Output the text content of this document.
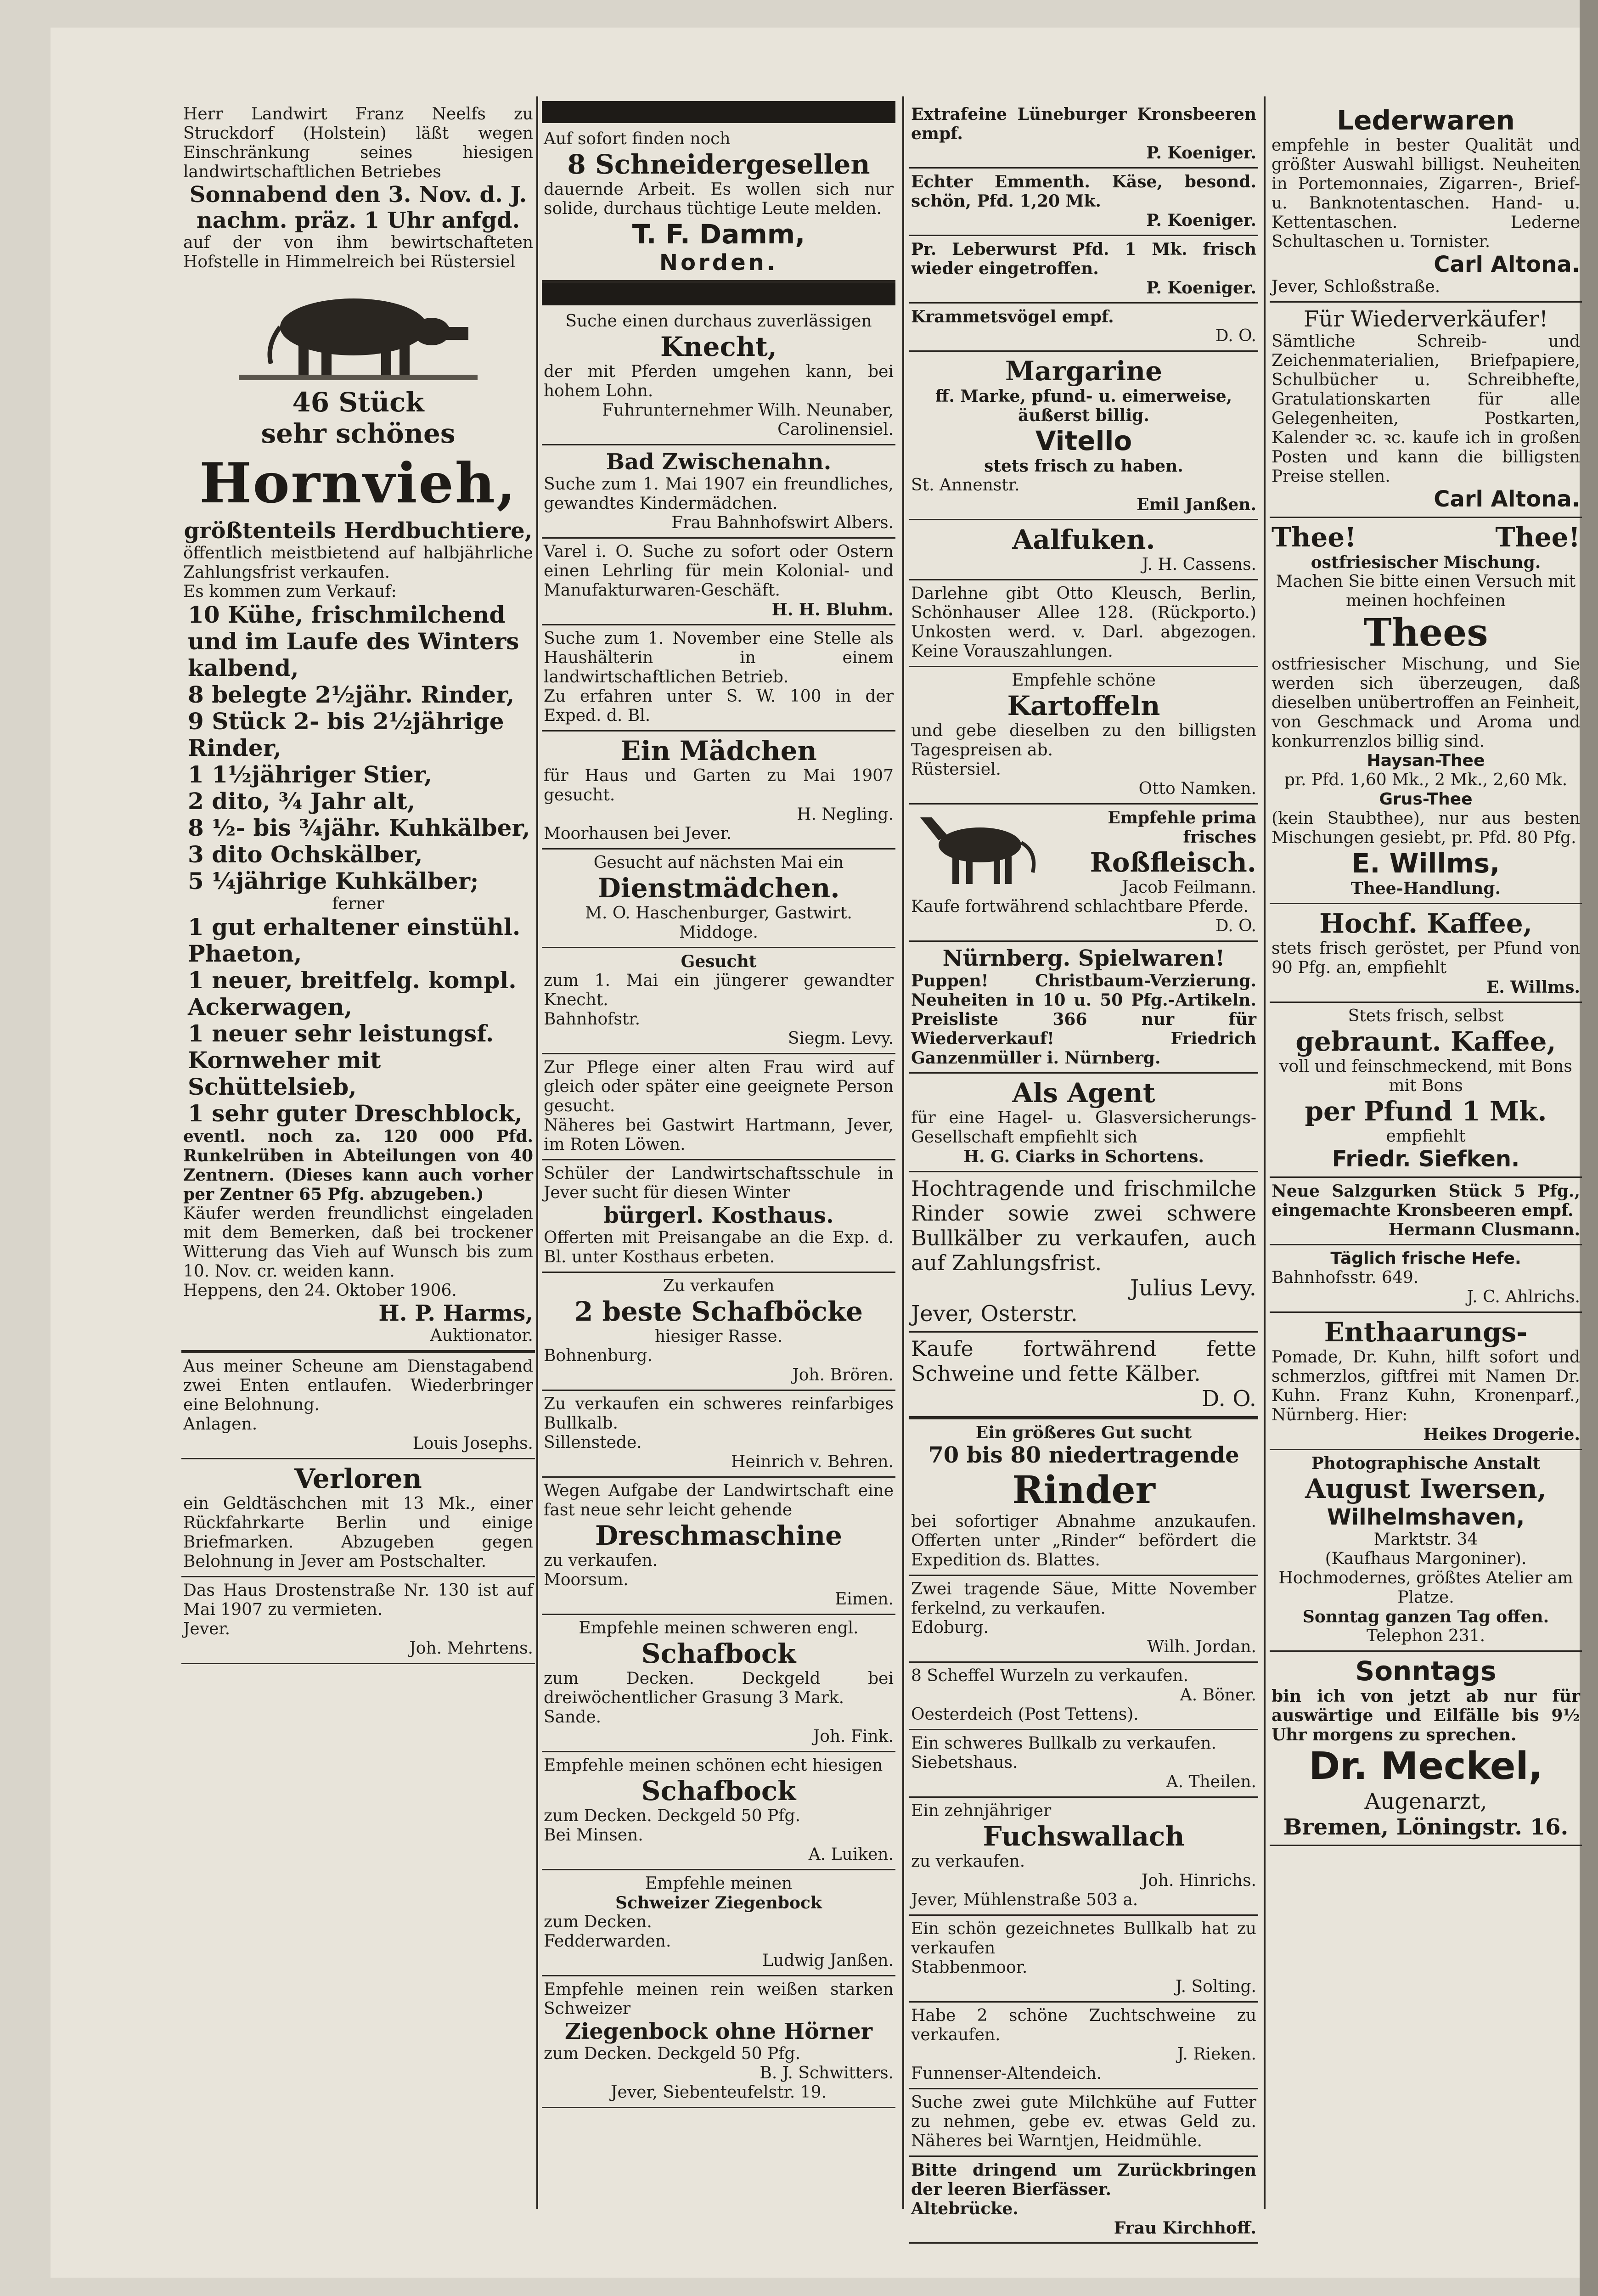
Herr Landwirt Franz Neelfs zu Struckdorf (Holstein) läßt wegen Einschränkung seines hiesigen landwirtschaftlichen Betriebes
Sonnabend den 3. Nov. d. J.
nachm. präz. 1 Uhr anfgd.
auf der von ihm bewirtschafteten Hofstelle in Himmelreich bei Rüstersiel
46 Stück
sehr schönes
Hornvieh,
größtenteils Herdbuchtiere,
öffentlich meistbietend auf halbjährliche Zahlungsfrist verkaufen.
Es kommen zum Verkauf:
10 Kühe, frischmilchend und im Laufe des Winters kalbend,
8 belegte 2½jähr. Rinder,
9 Stück 2- bis 2½jährige Rinder,
1 1½jähriger Stier,
2 dito, ¾ Jahr alt,
8 ½- bis ¾jähr. Kuhkälber,
3 dito Ochskälber,
5 ¼jährige Kuhkälber;
ferner
1 gut erhaltener einstühl. Phaeton,
1 neuer, breitfelg. kompl. Ackerwagen,
1 neuer sehr leistungsf. Kornweher mit Schüttelsieb,
1 sehr guter Dreschblock,
eventl. noch za. 120 000 Pfd. Runkelrüben in Abteilungen von 40 Zentnern. (Dieses kann auch vorher per Zentner 65 Pfg. abzugeben.)
Käufer werden freundlichst eingeladen mit dem Bemerken, daß bei trockener Witterung das Vieh auf Wunsch bis zum 10. Nov. cr. weiden kann.
Heppens, den 24. Oktober 1906.
H. P. Harms,
Auktionator.
Aus meiner Scheune am Dienstagabend zwei Enten entlaufen. Wiederbringer eine Belohnung.
Anlagen.
Louis Josephs.
Verloren
ein Geldtäschchen mit 13 Mk., einer Rückfahrkarte Berlin und einige Briefmarken. Abzugeben gegen Belohnung in Jever am Postschalter.
Das Haus Drostenstraße Nr. 130 ist auf Mai 1907 zu vermieten.
Jever.
Joh. Mehrtens.
Auf sofort finden noch
8 Schneidergesellen
dauernde Arbeit. Es wollen sich nur solide, durchaus tüchtige Leute melden.
T. F. Damm,
Norden.
Suche einen durchaus zuverlässigen
Knecht,
der mit Pferden umgehen kann, bei hohem Lohn.
Fuhrunternehmer Wilh. Neunaber, Carolinensiel.
Bad Zwischenahn.
Suche zum 1. Mai 1907 ein freundliches, gewandtes Kindermädchen.
Frau Bahnhofswirt Albers.
Varel i. O. Suche zu sofort oder Ostern einen Lehrling für mein Kolonial- und Manufakturwaren-Geschäft.
H. H. Bluhm.
Suche zum 1. November eine Stelle als Haushälterin in einem landwirtschaftlichen Betrieb.
Zu erfahren unter S. W. 100 in der Exped. d. Bl.
Ein Mädchen
für Haus und Garten zu Mai 1907 gesucht.
H. Negling.
Moorhausen bei Jever.
Gesucht auf nächsten Mai ein
Dienstmädchen.
M. O. Haschenburger, Gastwirt. Middoge.
Gesucht
zum 1. Mai ein jüngerer gewandter Knecht.
Bahnhofstr.
Siegm. Levy.
Zur Pflege einer alten Frau wird auf gleich oder später eine geeignete Person gesucht.
Näheres bei Gastwirt Hartmann, Jever, im Roten Löwen.
Schüler der Landwirtschaftsschule in Jever sucht für diesen Winter
bürgerl. Kosthaus.
Offerten mit Preisangabe an die Exp. d. Bl. unter Kosthaus erbeten.
Zu verkaufen
2 beste Schafböcke
hiesiger Rasse.
Bohnenburg.
Joh. Brören.
Zu verkaufen ein schweres reinfarbiges Bullkalb.
Sillenstede.
Heinrich v. Behren.
Wegen Aufgabe der Landwirtschaft eine fast neue sehr leicht gehende
Dreschmaschine
zu verkaufen.
Moorsum.
Eimen.
Empfehle meinen schweren engl.
Schafbock
zum Decken. Deckgeld bei dreiwöchentlicher Grasung 3 Mark.
Sande.
Joh. Fink.
Empfehle meinen schönen echt hiesigen
Schafbock
zum Decken. Deckgeld 50 Pfg.
Bei Minsen.
A. Luiken.
Empfehle meinen
Schweizer Ziegenbock
zum Decken.
Fedderwarden.
Ludwig Janßen.
Empfehle meinen rein weißen starken Schweizer
Ziegenbock ohne Hörner
zum Decken. Deckgeld 50 Pfg.
B. J. Schwitters.
Jever, Siebenteufelstr. 19.
Extrafeine Lüneburger Kronsbeeren empf.
P. Koeniger.
Echter Emmenth. Käse, besond. schön, Pfd. 1,20 Mk.
P. Koeniger.
Pr. Leberwurst Pfd. 1 Mk. frisch wieder eingetroffen.
P. Koeniger.
Krammetsvögel empf.
D. O.
Margarine
ff. Marke, pfund- u. eimerweise, äußerst billig.
Vitello
stets frisch zu haben.
St. Annenstr.
Emil Janßen.
Aalfuken.
J. H. Cassens.
Darlehne gibt Otto Kleusch, Berlin, Schönhauser Allee 128. (Rückporto.) Unkosten werd. v. Darl. abgezogen. Keine Vorauszahlungen.
Empfehle schöne
Kartoffeln
und gebe dieselben zu den billigsten Tagespreisen ab.
Rüstersiel.
Otto Namken.
Empfehle prima frisches
Roßfleisch.
Jacob Feilmann.
Kaufe fortwährend schlachtbare Pferde.
D. O.
Nürnberg. Spielwaren!
Puppen! Christbaum-Verzierung. Neuheiten in 10 u. 50 Pfg.-Artikeln. Preisliste 366 nur für Wiederverkauf! Friedrich Ganzenmüller i. Nürnberg.
Als Agent
für eine Hagel- u. Glasversicherungs-Gesellschaft empfiehlt sich
H. G. Ciarks in Schortens.
Hochtragende und frischmilche Rinder sowie zwei schwere Bullkälber zu verkaufen, auch auf Zahlungsfrist.
Julius Levy.
Jever, Osterstr.
Kaufe fortwährend fette Schweine und fette Kälber.
D. O.
Ein größeres Gut sucht
70 bis 80 niedertragende
Rinder
bei sofortiger Abnahme anzukaufen. Offerten unter „Rinder“ befördert die Expedition ds. Blattes.
Zwei tragende Säue, Mitte November ferkelnd, zu verkaufen.
Edoburg.
Wilh. Jordan.
8 Scheffel Wurzeln zu verkaufen.
A. Böner.
Oesterdeich (Post Tettens).
Ein schweres Bullkalb zu verkaufen.
Siebetshaus.
A. Theilen.
Ein zehnjähriger
Fuchswallach
zu verkaufen.
Joh. Hinrichs.
Jever, Mühlenstraße 503 a.
Ein schön gezeichnetes Bullkalb hat zu verkaufen
Stabbenmoor.
J. Solting.
Habe 2 schöne Zuchtschweine zu verkaufen.
J. Rieken.
Funnenser-Altendeich.
Suche zwei gute Milchkühe auf Futter zu nehmen, gebe ev. etwas Geld zu. Näheres bei Warntjen, Heidmühle.
Bitte dringend um Zurückbringen der leeren Bierfässer.
Altebrücke.
Frau Kirchhoff.
Lederwaren
empfehle in bester Qualität und größter Auswahl billigst. Neuheiten in Portemonnaies, Zigarren-, Brief- u. Banknotentaschen. Hand- u. Kettentaschen. Lederne Schultaschen u. Tornister.
Carl Altona.
Jever, Schloßstraße.
Für Wiederverkäufer!
Sämtliche Schreib- und Zeichenmaterialien, Briefpapiere, Schulbücher u. Schreibhefte, Gratulationskarten für alle Gelegenheiten, Postkarten, Kalender ꝛc. ꝛc. kaufe ich in großen Posten und kann die billigsten Preise stellen.
Carl Altona.
Thee!	Thee!
ostfriesischer Mischung.
Machen Sie bitte einen Versuch mit meinen hochfeinen
Thees
ostfriesischer Mischung, und Sie werden sich überzeugen, daß dieselben unübertroffen an Feinheit, von Geschmack und Aroma und konkurrenzlos billig sind.
Haysan-Thee
pr. Pfd. 1,60 Mk., 2 Mk., 2,60 Mk.
Grus-Thee
(kein Staubthee), nur aus besten Mischungen gesiebt, pr. Pfd. 80 Pfg.
E. Willms,
Thee-Handlung.
Hochf. Kaffee,
stets frisch geröstet, per Pfund von 90 Pfg. an, empfiehlt
E. Willms.
Stets frisch, selbst
gebraunt. Kaffee,
voll und feinschmeckend, mit Bons mit Bons
per Pfund 1 Mk.
empfiehlt
Friedr. Siefken.
Neue Salzgurken Stück 5 Pfg., eingemachte Kronsbeeren empf.
Hermann Clusmann.
Täglich frische Hefe.
Bahnhofsstr. 649.
J. C. Ahlrichs.
Enthaarungs-
Pomade, Dr. Kuhn, hilft sofort und schmerzlos, giftfrei mit Namen Dr. Kuhn. Franz Kuhn, Kronenparf., Nürnberg. Hier:
Heikes Drogerie.
Photographische Anstalt
August Iwersen,
Wilhelmshaven,
Marktstr. 34
(Kaufhaus Margoniner).
Hochmodernes, größtes Atelier am Platze.
Sonntag ganzen Tag offen.
Telephon 231.
Sonntags
bin ich von jetzt ab nur für auswärtige und Eilfälle bis 9½ Uhr morgens zu sprechen.
Dr. Meckel,
Augenarzt,
Bremen, Löningstr. 16.
